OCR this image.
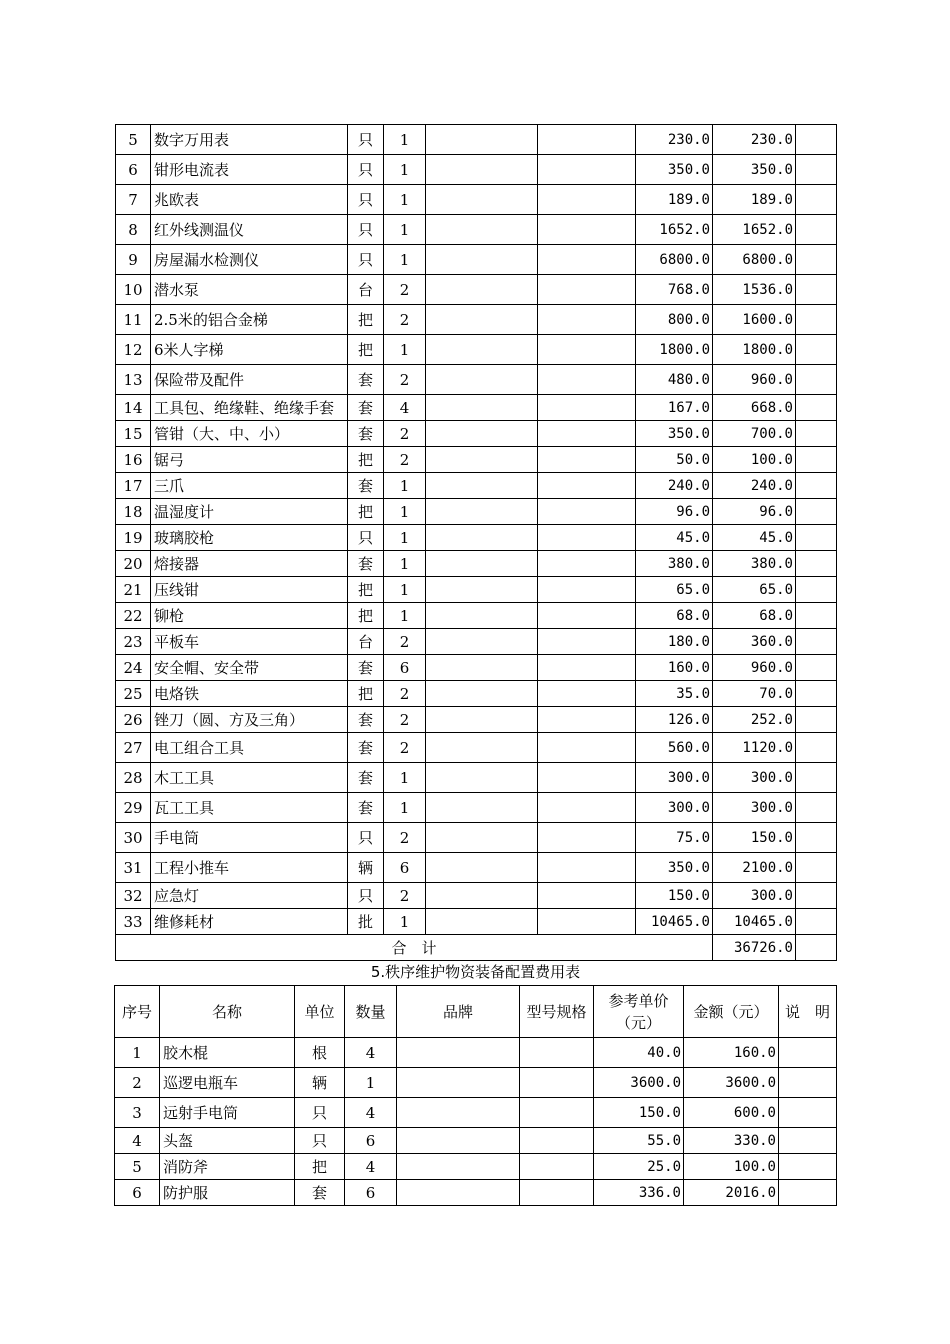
5	数字万用表	只	1			230.0	230.0	
6	钳形电流表	只	1			350.0	350.0	
7	兆欧表	只	1			189.0	189.0	
8	红外线测温仪	只	1			1652.0	1652.0	
9	房屋漏水检测仪	只	1			6800.0	6800.0	
10	潜水泵	台	2			768.0	1536.0	
11	2.5米的铝合金梯	把	2			800.0	1600.0	
12	6米人字梯	把	1			1800.0	1800.0	
13	保险带及配件	套	2			480.0	960.0	
14	工具包、绝缘鞋、绝缘手套	套	4			167.0	668.0	
15	管钳（大、中、小）	套	2			350.0	700.0	
16	锯弓	把	2			50.0	100.0	
17	三爪	套	1			240.0	240.0	
18	温湿度计	把	1			96.0	96.0	
19	玻璃胶枪	只	1			45.0	45.0	
20	熔接器	套	1			380.0	380.0	
21	压线钳	把	1			65.0	65.0	
22	铆枪	把	1			68.0	68.0	
23	平板车	台	2			180.0	360.0	
24	安全帽、安全带	套	6			160.0	960.0	
25	电烙铁	把	2			35.0	70.0	
26	锉刀（圆、方及三角）	套	2			126.0	252.0	
27	电工组合工具	套	2			560.0	1120.0	
28	木工工具	套	1			300.0	300.0	
29	瓦工工具	套	1			300.0	300.0	
30	手电筒	只	2			75.0	150.0	
31	工程小推车	辆	6			350.0	2100.0	
32	应急灯	只	2			150.0	300.0	
33	维修耗材	批	1			10465.0	10465.0	
合　计							36726.0	
5.秩序维护物资装备配置费用表
序号	名称	单位	数量	品牌	型号规格	参考单价（元）	金额（元）	说　明
1	胶木棍	根	4			40.0	160.0	
2	巡逻电瓶车	辆	1			3600.0	3600.0	
3	远射手电筒	只	4			150.0	600.0	
4	头盔	只	6			55.0	330.0	
5	消防斧	把	4			25.0	100.0	
6	防护服	套	6			336.0	2016.0	
